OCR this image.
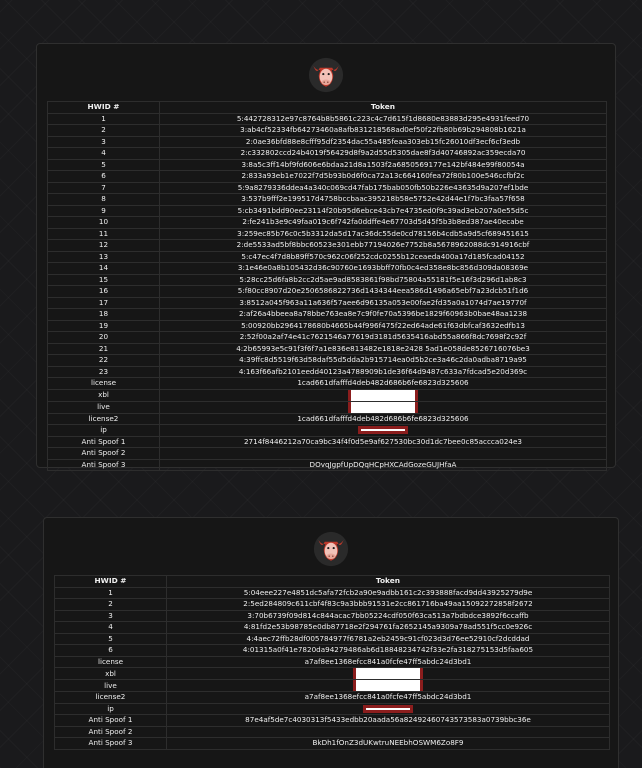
HWID #	Token
1	5:442728312e97c8764b8b5861c223c4c7d615f1d8680e83883d295e4931feed70
2	3:ab4cf52334fb64273460a8afb831218568ad0ef50f22fb80b69b294808b1621a
3	2:0ae36bfd88e8cfff95df2354dac55a485feaa303eb15fc26010df3ecf6cf3edb
4	2:c332802ccd24b4019f56429d8f9a2d55d5305dae8f3d40746892ac359ecda70
5	3:8a5c3ff14bf9fd606e6bdaa21d8a1503f2a6850569177e142bf484e99f80054a
6	2:833a93eb1e7022f7d5b93b0d6f0ca72a13c664160fea72f80b100e546ccfbf2c
7	5:9a8279336ddea4a340c069cd47fab175bab050fb50b226e43635d9a207ef1bde
8	3:537b9fff2e199517d4758bccbaac395218b58e5752e42d44e1f7bc3faa57f658
9	5:cb3491bdd90ee23114f20b95d6ebce43cb7e4735ed0f9c39ad3eb207a0e55d5c
10	2:fe241b3e9c49faa019c6f742fa0ddffe4e67703d5d45f5b3b8ed387ae40ecabe
11	3:259ec85b76c0c5b3312da5d17ac36dc55de0cd78156b4cdb5a9d5cf689451615
12	2:de5533ad5bf8bbc60523e301ebb77194026e7752b8a5678962088dc914916cbf
13	5:c47ec4f7d8b89ff570c962c06f252cdc0255b12ceaeda400a17d185fcad04152
14	3:1e46e0a8b105432d36c90760e1693bbff70fb0c4ed358e8bc856d309da08369e
15	5:28cc25d6fa8b2cc2d5ae9ad8583861f98bd75804a55181f5e16f3d296d1ab8c3
16	5:f80cc8907d20e2506586822736d1434344eea586d1496a65ebf7a23dcb51f1d6
17	3:8512a045f963a11a636f57aee6d96135a053e00fae2fd35a0a1074d7ae19770f
18	2:af26a4bbeea8a78bbe763ea8e7c9f0fe70a5396be1829f60963b0bae48aa1238
19	5:00920bb2964178680b4665b44f996f475f22ed64ade61f63dbfcaf3632edfb13
20	2:52f00a2af74e41c7621546a77619d3181d5635416abd55a866f8dc7698f2c92f
21	4:2b65993e5c91f3f6f7a1e836e813482e1818e2428 5ad1e058de8526716076be3
22	4:39ffc8d5519f63d58daf55d5dda2b915714ea0d5b2ce3a46c2da0adba8719a95
23	4:163f66afb2101eedd40123a4788909b1de36f64d9487c633a7fdcad5e20d369c
license	1cad661dfafffd4deb482d686b6fe6823d325606
xbl	
live	
license2	1cad661dfafffd4deb482d686b6fe6823d325606
ip	
Anti Spoof 1	2714f8446212a70ca9bc34f4f0d5e9af627530bc30d1dc7bee0c85accca024e3
Anti Spoof 2	
Anti Spoof 3	DOvqJgpfUpDQqHCpHXCAdGozeGUJHfaA
HWID #	Token
1	5:04eee227e4851dc5afa72fcb2a90e9adbb161c2c393888facd9dd43925279d9e
2	2:5ed284809c611cbf4f83c9a3bbb91531e2cc861716ba49aa15092272858f2672
3	3:70b6739f09d814c844acac7bb05224cdf050f63ca513a7bdbdce3892f6ccaffb
4	4:81fd2e53b98785e0db87718e2f294761fa2652145a9309a78ad551f5cc0e926c
5	4:4aec72ffb28df005784977f6781a2eb2459c91cf023d3d76ee52910cf2dcddad
6	4:01315a0f41e7820da94279486ab6d18848234742f33e2fa318275153d5faa605
license	a7af8ee1368efcc841a0fcfe47ff5abdc24d3bd1
xbl	
live	
license2	a7af8ee1368efcc841a0fcfe47ff5abdc24d3bd1
ip	
Anti Spoof 1	87e4af5de7c4030313f5433edbb20aada56a82492460743573583a0739bbc36e
Anti Spoof 2	
Anti Spoof 3	BkDh1fOnZ3dUKwtruNEEbhOSWM6Zo8F9
